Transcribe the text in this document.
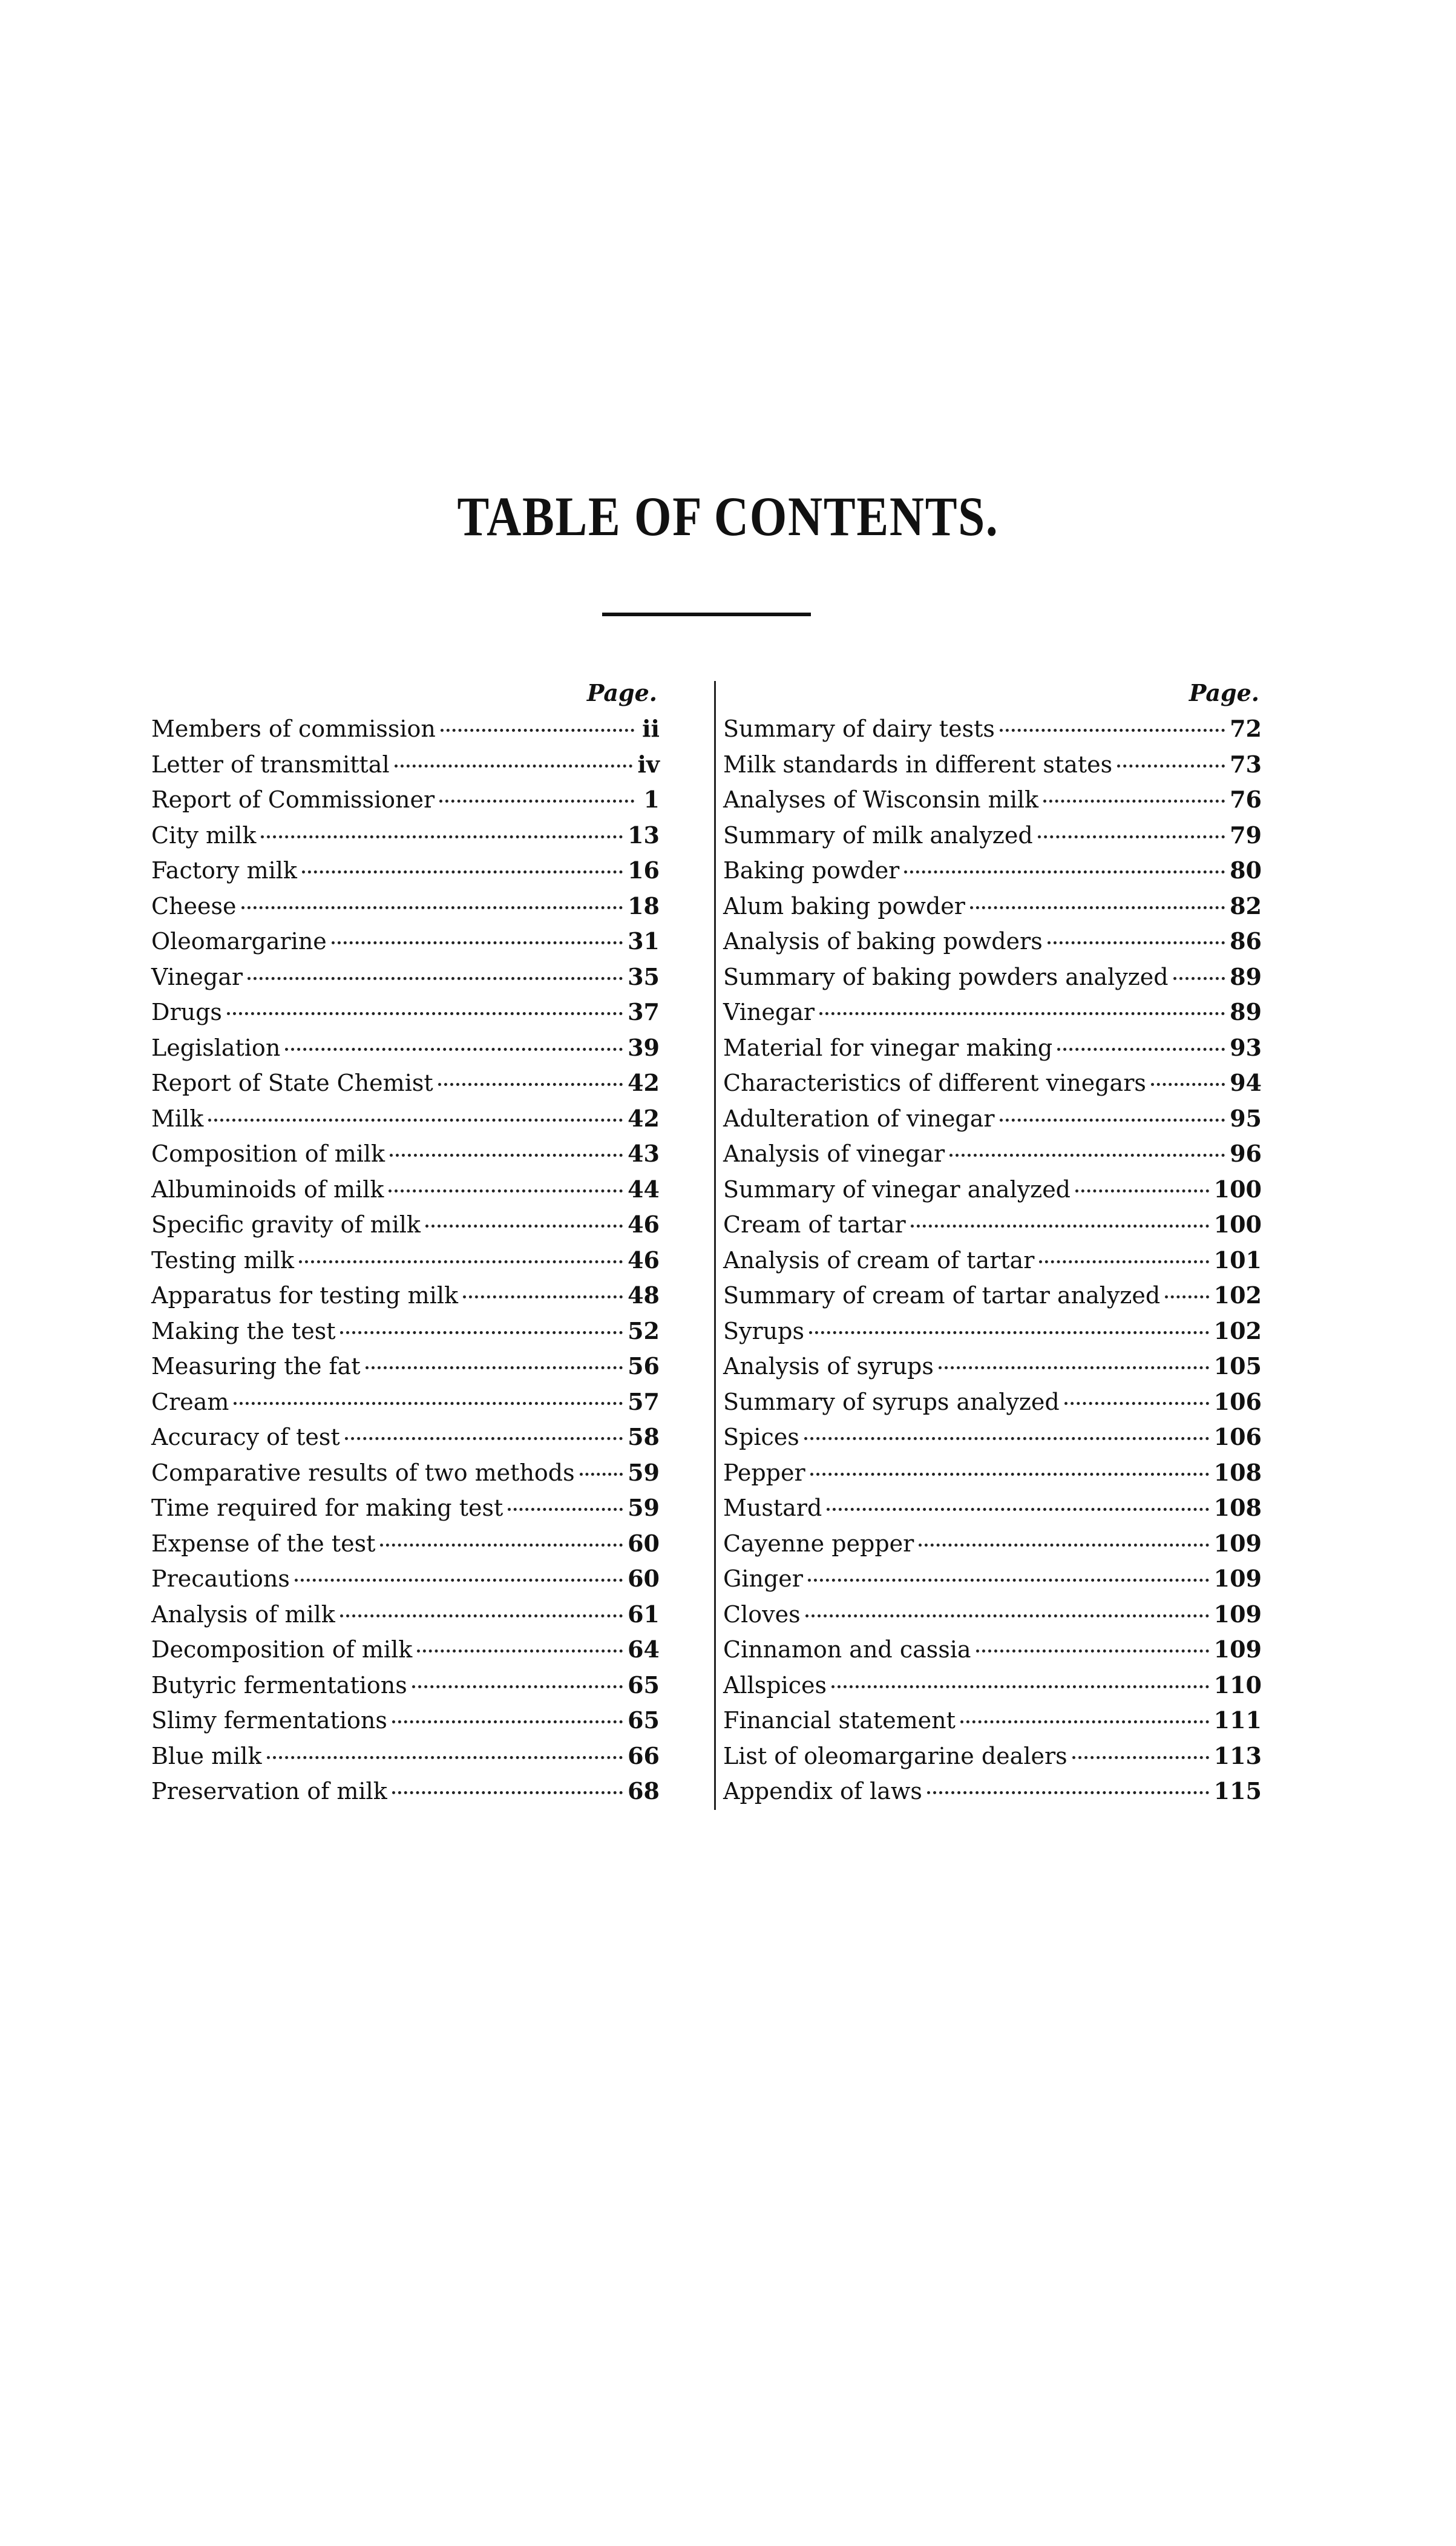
TABLE OF CONTENTS.
Page.
Members of commission	ii
Letter of transmittal	iv
Report of Commissioner	1
City milk	13
Factory milk	16
Cheese	18
Oleomargarine	31
Vinegar	35
Drugs	37
Legislation	39
Report of State Chemist	42
Milk	42
Composition of milk	43
Albuminoids of milk	44
Specific gravity of milk	46
Testing milk	46
Apparatus for testing milk	48
Making the test	52
Measuring the fat	56
Cream	57
Accuracy of test	58
Comparative results of two methods 59
Time required for making test	59
Expense of the test	60
Precautions	60
Analysis of milk	61
Decomposition of milk	64
Butyric fermentations	65
Slimy fermentations	65
Blue milk	66
Preservation of milk	68
Page.
Summary of dairy tests	72
Milk standards in different states	73
Analyses of Wisconsin milk	76
Summary of milk analyzed	79
Baking powder	80
Alum baking powder	82
Analysis of baking powders	86
Summary of baking powders analyzed	89
Vinegar	89
Material for vinegar making	93
Characteristics of different vinegars	94
Adulteration of vinegar	95
Analysis of vinegar	96
Summary of vinegar analyzed	100
Cream of tartar	100
Analysis of cream of tartar	101
Summary of cream of tartar analyzed 102
Syrups	102
Analysis of syrups	105
Summary of syrups analyzed	106
Spices	106
Pepper	108
Mustard	108
Cayenne pepper	109
Ginger	109
Cloves	109
Cinnamon and cassia	109
Allspices	110
Financial statement	111
List of oleomargarine dealers	113
Appendix of laws	115
